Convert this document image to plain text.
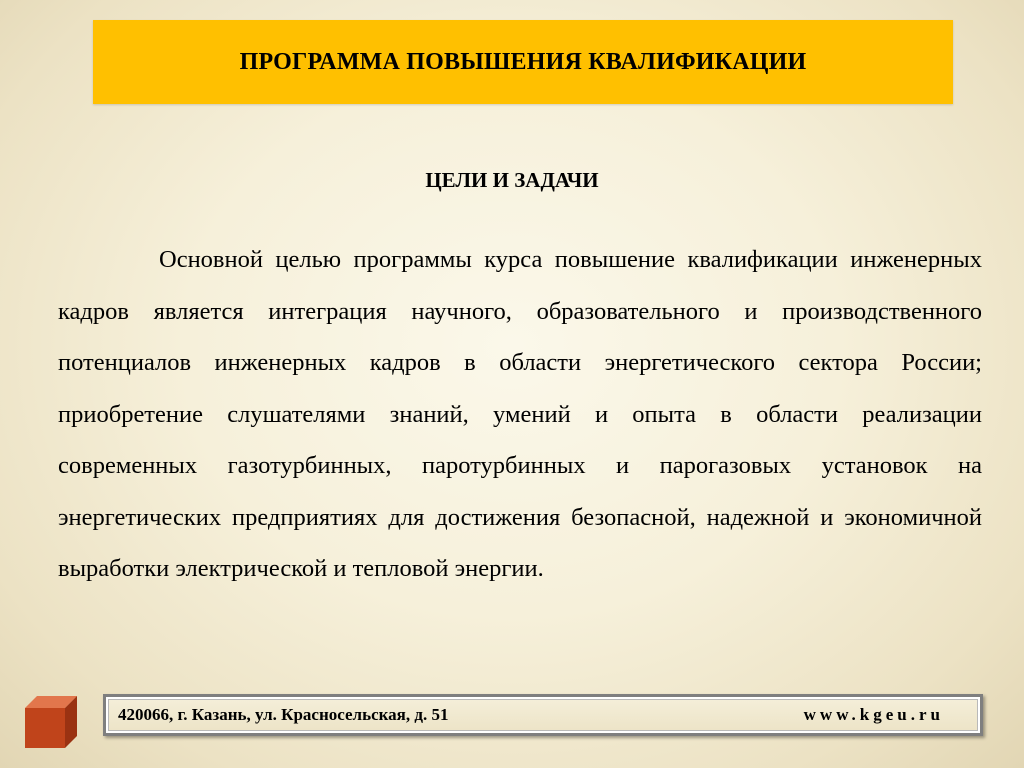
ПРОГРАММА ПОВЫШЕНИЯ КВАЛИФИКАЦИИ
ЦЕЛИ И ЗАДАЧИ
Основной целью программы курса повышение квалификации инженерных кадров является интеграция научного, образовательного и производственного потенциалов инженерных кадров в области энергетического сектора России; приобретение слушателями знаний, умений и опыта в области реализации современных газотурбинных, паротурбинных и парогазовых установок на энергетических предприятиях для достижения безопасной, надежной и экономичной выработки электрической и тепловой энергии.
420066, г. Казань, ул. Красносельская, д. 51	www.kgeu.ru
